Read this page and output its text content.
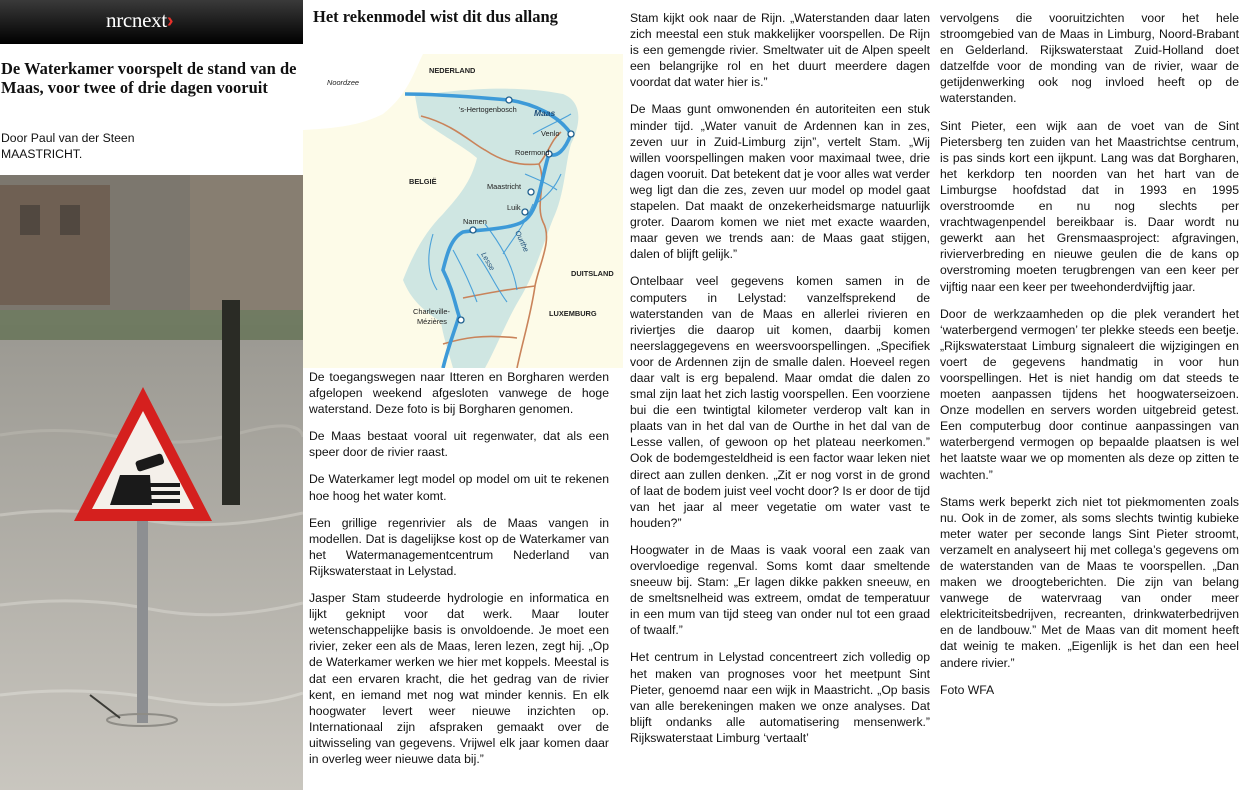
nrcnext›
De Waterkamer voorspelt de stand van de Maas, voor twee of drie dagen vooruit
Door Paul van der Steen
MAASTRICHT.
Het rekenmodel wist dit dus allang
NEDERLAND
Noordzee
BELGIË
DUITSLAND
LUXEMBURG
Maas
Lesse
Ourthe
's-Hertogenbosch
Venlo
Roermond
Maastricht
Luik
Namen
Charleville-
Mézières

De toegangswegen naar Itteren en Borgharen werden afgelopen weekend afgesloten vanwege de hoge waterstand. Deze foto is bij Borgharen genomen.

De Maas bestaat vooral uit regenwater, dat als een speer door de rivier raast.

De Waterkamer legt model op model om uit te rekenen hoe hoog het water komt.

Een grillige regenrivier als de Maas vangen in modellen. Dat is dagelijkse kost op de Waterkamer van het Watermanagementcentrum Nederland van Rijkswaterstaat in Lelystad.

Jasper Stam studeerde hydrologie en informatica en lijkt geknipt voor dat werk. Maar louter wetenschappelijke basis is onvoldoende. Je moet een rivier, zeker een als de Maas, leren lezen, zegt hij. „Op de Waterkamer werken we hier met koppels. Meestal is dat een ervaren kracht, die het gedrag van de rivier kent, en iemand met nog wat minder kennis. En elk hoogwater levert weer nieuwe inzichten op. Internationaal zijn afspraken gemaakt over de uitwisseling van gegevens. Vrijwel elk jaar komen daar in overleg weer nieuwe data bij.”

Stam kijkt ook naar de Rijn. „Waterstanden daar laten zich meestal een stuk makkelijker voorspellen. De Rijn is een gemengde rivier. Smeltwater uit de Alpen speelt een belangrijke rol en het duurt meerdere dagen voordat dat water hier is.”

De Maas gunt omwonenden én autoriteiten een stuk minder tijd. „Water vanuit de Ardennen kan in zes, zeven uur in Zuid-Limburg zijn”, vertelt Stam. „Wij willen voorspellingen maken voor maximaal twee, drie dagen vooruit. Dat betekent dat je voor alles wat verder weg ligt dan die zes, zeven uur model op model gaat stapelen. Dat maakt de onzekerheidsmarge natuurlijk groter. Daarom komen we niet met exacte waarden, maar geven we trends aan: de Maas gaat stijgen, dalen of blijft gelijk.”

Ontelbaar veel gegevens komen samen in de computers in Lelystad: vanzelfsprekend de waterstanden van de Maas en allerlei rivieren en riviertjes die daarop uit komen, daarbij komen neerslaggegevens en weersvoorspellingen. „Specifiek voor de Ardennen zijn de smalle dalen. Hoeveel regen daar valt is erg bepalend. Maar omdat die dalen zo smal zijn laat het zich lastig voorspellen. Een voorziene bui die een twintigtal kilometer verderop valt kan in plaats van in het dal van de Ourthe in het dal van de Lesse vallen, of gewoon op het plateau neerkomen.” Ook de bodemgesteldheid is een factor waar leken niet direct aan zullen denken. „Zit er nog vorst in de grond of laat de bodem juist veel vocht door? Is er door de tijd van het jaar al meer vegetatie om water vast te houden?”

Hoogwater in de Maas is vaak vooral een zaak van overvloedige regenval. Soms komt daar smeltende sneeuw bij. Stam: „Er lagen dikke pakken sneeuw, en de smeltsnelheid was extreem, omdat de temperatuur in een mum van tijd steeg van onder nul tot een graad of twaalf.”

Het centrum in Lelystad concentreert zich volledig op het maken van prognoses voor het meetpunt Sint Pieter, genoemd naar een wijk in Maastricht. „Op basis van alle berekeningen maken we onze analyses. Dat blijft ondanks alle automatisering mensenwerk.” Rijkswaterstaat Limburg ‘vertaalt’

vervolgens die vooruitzichten voor het hele stroomgebied van de Maas in Limburg, Noord-Brabant en Gelderland. Rijkswaterstaat Zuid-Holland doet datzelfde voor de monding van de rivier, waar de getijdenwerking ook nog invloed heeft op de waterstanden.

Sint Pieter, een wijk aan de voet van de Sint Pietersberg ten zuiden van het Maastrichtse centrum, is pas sinds kort een ijkpunt. Lang was dat Borgharen, het kerkdorp ten noorden van het hart van de Limburgse hoofdstad dat in 1993 en 1995 overstroomde en nu nog slechts per vrachtwagenpendel bereikbaar is. Daar wordt nu gewerkt aan het Grensmaasproject: afgravingen, rivierverbreding en nieuwe geulen die de kans op overstroming moeten terugbrengen van een keer per vijftig naar een keer per tweehonderdvijftig jaar.

Door de werkzaamheden op die plek verandert het ‘waterbergend vermogen’ ter plekke steeds een beetje. „Rijkswaterstaat Limburg signaleert die wijzigingen en voert de gegevens handmatig in voor hun voorspellingen. Het is niet handig om dat steeds te moeten aanpassen tijdens het hoogwaterseizoen. Onze modellen en servers worden uitgebreid getest. Een computerbug door continue aanpassingen van waterbergend vermogen op bepaalde plaatsen is wel het laatste waar we op momenten als deze op zitten te wachten.”

Stams werk beperkt zich niet tot piekmomenten zoals nu. Ook in de zomer, als soms slechts twintig kubieke meter water per seconde langs Sint Pieter stroomt, verzamelt en analyseert hij met collega’s gegevens om de waterstanden van de Maas te voorspellen. „Dan maken we droogteberichten. Die zijn van belang vanwege de watervraag van onder meer elektriciteitsbedrijven, recreanten, drinkwaterbedrijven en de landbouw.” Met de Maas van dit moment heeft dat weinig te maken. „Eigenlijk is het dan een heel andere rivier.”

Foto WFA
